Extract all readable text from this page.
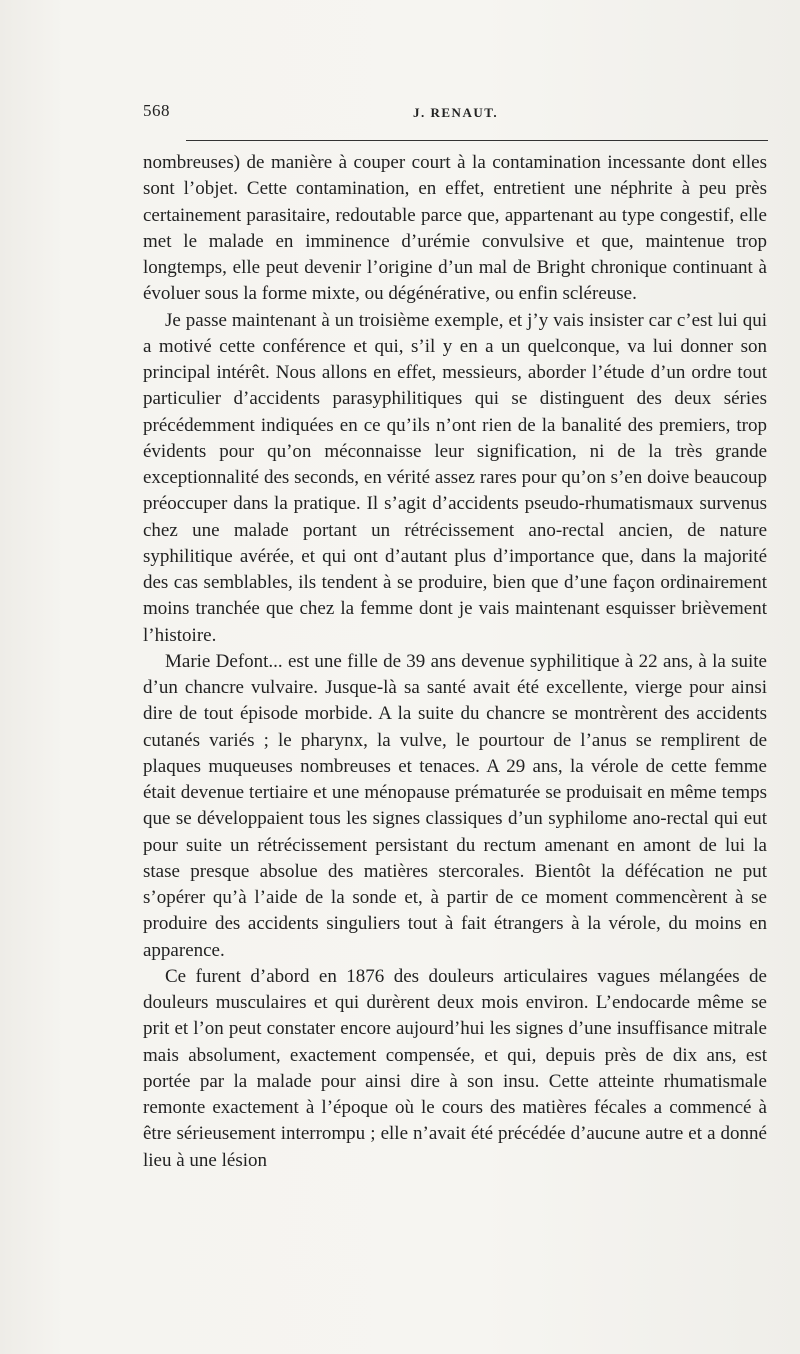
568	J. RENAUT.

nombreuses) de manière à couper court à la contamination incessante dont elles sont l’objet. Cette contamination, en effet, entretient une néphrite à peu près certainement parasitaire, redoutable parce que, appartenant au type congestif, elle met le malade en imminence d’urémie convulsive et que, maintenue trop longtemps, elle peut devenir l’origine d’un mal de Bright chronique continuant à évoluer sous la forme mixte, ou dégénérative, ou enfin scléreuse.

Je passe maintenant à un troisième exemple, et j’y vais insister car c’est lui qui a motivé cette conférence et qui, s’il y en a un quelconque, va lui donner son principal intérêt. Nous allons en effet, messieurs, aborder l’étude d’un ordre tout particulier d’accidents parasyphilitiques qui se distinguent des deux séries précédemment indiquées en ce qu’ils n’ont rien de la banalité des premiers, trop évidents pour qu’on méconnaisse leur signification, ni de la très grande exceptionnalité des seconds, en vérité assez rares pour qu’on s’en doive beaucoup préoccuper dans la pratique. Il s’agit d’accidents pseudo-rhumatismaux survenus chez une malade portant un rétrécissement ano-rectal ancien, de nature syphilitique avérée, et qui ont d’autant plus d’importance que, dans la majorité des cas semblables, ils tendent à se produire, bien que d’une façon ordinairement moins tranchée que chez la femme dont je vais maintenant esquisser brièvement l’histoire.

Marie Defont... est une fille de 39 ans devenue syphilitique à 22 ans, à la suite d’un chancre vulvaire. Jusque-là sa santé avait été excellente, vierge pour ainsi dire de tout épisode morbide. A la suite du chancre se montrèrent des accidents cutanés variés ; le pharynx, la vulve, le pourtour de l’anus se remplirent de plaques muqueuses nombreuses et tenaces. A 29 ans, la vérole de cette femme était devenue tertiaire et une ménopause prématurée se produisait en même temps que se développaient tous les signes classiques d’un syphilome ano-rectal qui eut pour suite un rétrécissement persistant du rectum amenant en amont de lui la stase presque absolue des matières stercorales. Bientôt la défécation ne put s’opérer qu’à l’aide de la sonde et, à partir de ce moment commencèrent à se produire des accidents singuliers tout à fait étrangers à la vérole, du moins en apparence.

Ce furent d’abord en 1876 des douleurs articulaires vagues mélangées de douleurs musculaires et qui durèrent deux mois environ. L’endocarde même se prit et l’on peut constater encore aujourd’hui les signes d’une insuffisance mitrale mais absolument, exactement compensée, et qui, depuis près de dix ans, est portée par la malade pour ainsi dire à son insu. Cette atteinte rhumatismale remonte exactement à l’époque où le cours des matières fécales a commencé à être sérieusement interrompu ; elle n’avait été précédée d’aucune autre et a donné lieu à une lésion
